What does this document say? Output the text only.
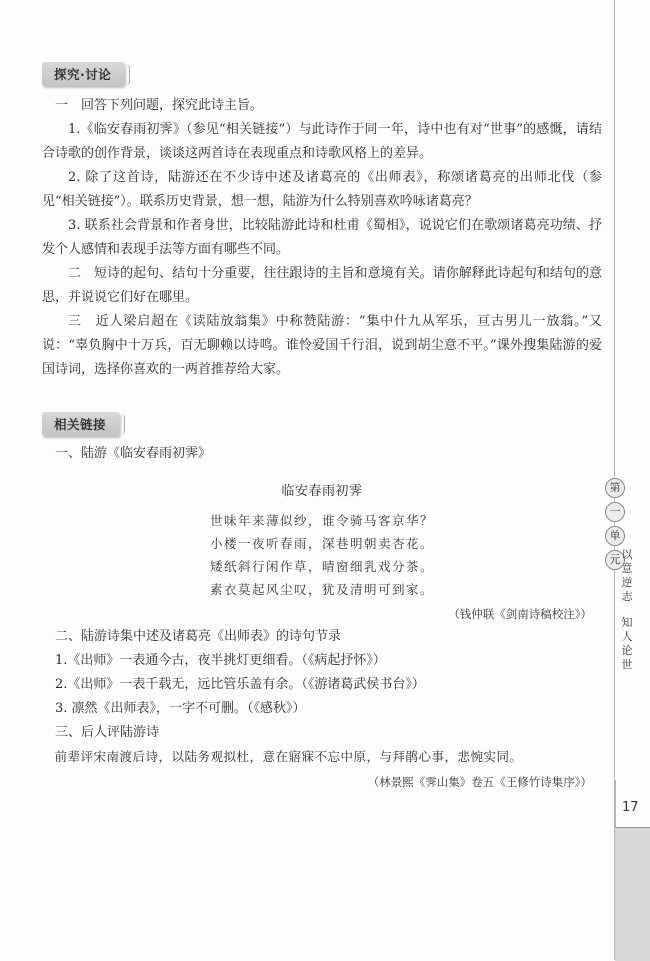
探究·讨论

一　回答下列问题，探究此诗主旨。

1.《临安春雨初霁》（参见“相关链接”）与此诗作于同一年，诗中也有对“世事”的感慨，请结合诗歌的创作背景，谈谈这两首诗在表现重点和诗歌风格上的差异。

2. 除了这首诗，陆游还在不少诗中述及诸葛亮的《出师表》，称颂诸葛亮的出师北伐（参见“相关链接”）。联系历史背景，想一想，陆游为什么特别喜欢吟咏诸葛亮？

3. 联系社会背景和作者身世，比较陆游此诗和杜甫《蜀相》，说说它们在歌颂诸葛亮功绩、抒发个人感情和表现手法等方面有哪些不同。

二　短诗的起句、结句十分重要，往往跟诗的主旨和意境有关。请你解释此诗起句和结句的意思，并说说它们好在哪里。

三　近人梁启超在《读陆放翁集》中称赞陆游：“集中什九从军乐，亘古男儿一放翁。”又说：“辜负胸中十万兵，百无聊赖以诗鸣。谁怜爱国千行泪，说到胡尘意不平。”课外搜集陆游的爱国诗词，选择你喜欢的一两首推荐给大家。

相关链接
一、陆游《临安春雨初霁》
临安春雨初霁
世味年来薄似纱，谁令骑马客京华？
小楼一夜听春雨，深巷明朝卖杏花。
矮纸斜行闲作草，晴窗细乳戏分茶。
素衣莫起风尘叹，犹及清明可到家。
（钱仲联《剑南诗稿校注》）
二、陆游诗集中述及诸葛亮《出师表》的诗句节录
1.《出师》一表通今古，夜半挑灯更细看。（《病起抒怀》）
2.《出师》一表千载无，远比管乐盖有余。（《游诸葛武侯书台》）
3. 凛然《出师表》，一字不可删。（《感秋》）
三、后人评陆游诗
前辈评宋南渡后诗，以陆务观拟杜，意在寤寐不忘中原，与拜鹃心事，悲惋实同。
（林景熙《霁山集》卷五《王修竹诗集序》）
第
一
单
元 以
意
逆
志
知
人
论
世
17
